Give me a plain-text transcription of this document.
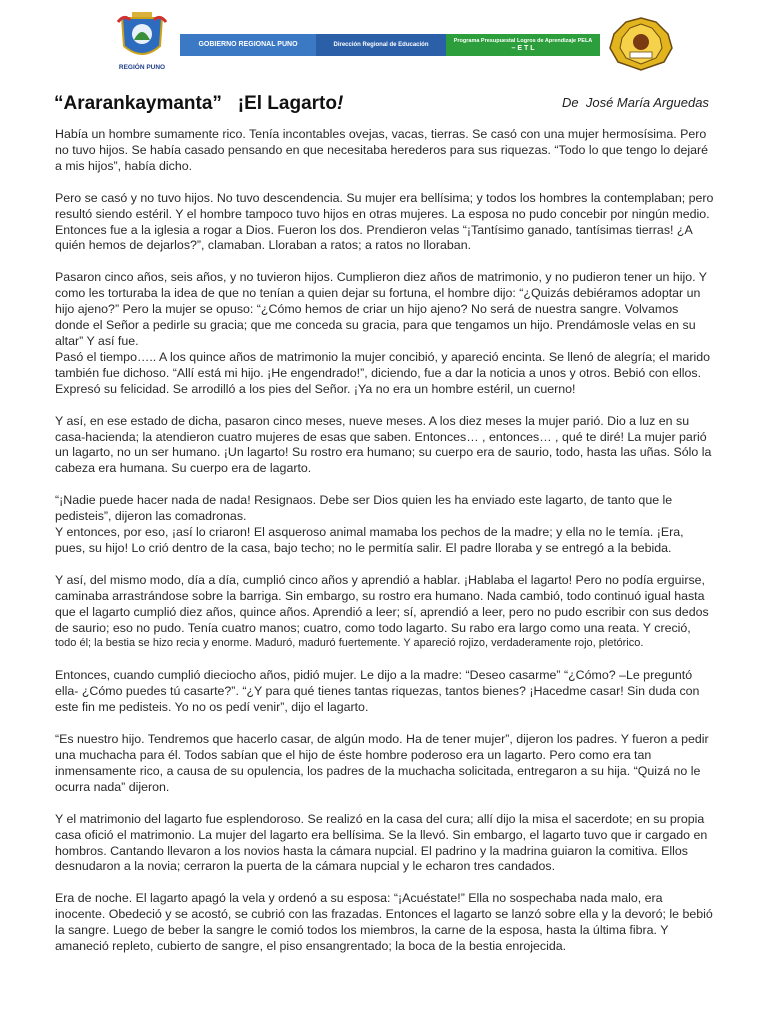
REGIÓN PUNO
GOBIERNO REGIONAL PUNO	Dirección Regional de Educación
Programa Presupuestal Logros de Aprendizaje PELA
– E T L
“Ararankaymanta”   ¡El Lagarto!	De  José María Arguedas

Había un hombre sumamente rico. Tenía incontables ovejas, vacas, tierras. Se casó con una mujer hermosísima. Pero
no tuvo hijos. Se había casado pensando en que necesitaba herederos para sus riquezas. “Todo lo que tengo lo dejaré
a mis hijos”, había dicho.

Pero se casó y no tuvo hijos. No tuvo descendencia. Su mujer era bellísima; y todos los hombres la contemplaban; pero
resultó siendo estéril. Y el hombre tampoco tuvo hijos en otras mujeres. La esposa no pudo concebir por ningún medio.
Entonces fue a la iglesia a rogar a Dios. Fueron los dos. Prendieron velas “¡Tantísimo ganado, tantísimas tierras! ¿A
quién hemos de dejarlos?”, clamaban. Lloraban a ratos; a ratos no lloraban.

Pasaron cinco años, seis años, y no tuvieron hijos. Cumplieron diez años de matrimonio, y no pudieron tener un hijo. Y
como les torturaba la idea de que no tenían a quien dejar su fortuna, el hombre dijo: “¿Quizás debiéramos adoptar un
hijo ajeno?” Pero la mujer se opuso: “¿Cómo hemos de criar un hijo ajeno? No será de nuestra sangre. Volvamos
donde el Señor a pedirle su gracia; que me conceda su gracia, para que tengamos un hijo. Prendámosle velas en su
altar” Y así fue.

Pasó el tiempo….. A los quince años de matrimonio la mujer concibió, y apareció encinta. Se llenó de alegría; el marido
también fue dichoso. “Allí está mi hijo. ¡He engendrado!”, diciendo, fue a dar la noticia a unos y otros. Bebió con ellos.
Expresó su felicidad. Se arrodilló a los pies del Señor. ¡Ya no era un hombre estéril, un cuerno!

Y así, en ese estado de dicha, pasaron cinco meses, nueve meses. A los diez meses la mujer parió. Dio a luz en su
casa-hacienda; la atendieron cuatro mujeres de esas que saben. Entonces… , entonces… , qué te diré! La mujer parió
un lagarto, no un ser humano. ¡Un lagarto! Su rostro era humano; su cuerpo era de saurio, todo, hasta las uñas. Sólo la
cabeza era humana. Su cuerpo era de lagarto.

“¡Nadie puede hacer nada de nada! Resignaos. Debe ser Dios quien les ha enviado este lagarto, de tanto que le
pedisteis”, dijeron las comadronas.

Y entonces, por eso, ¡así lo criaron! El asqueroso animal mamaba los pechos de la madre; y ella no le temía. ¡Era,
pues, su hijo! Lo crió dentro de la casa, bajo techo; no le permitía salir. El padre lloraba y se entregó a la bebida.

Y así, del mismo modo, día a día, cumplió cinco años y aprendió a hablar. ¡Hablaba el lagarto! Pero no podía erguirse,
caminaba arrastrándose sobre la barriga. Sin embargo, su rostro era humano. Nada cambió, todo continuó igual hasta
que el lagarto cumplió diez años, quince años. Aprendió a leer; sí, aprendió a leer, pero no pudo escribir con sus dedos
de saurio; eso no pudo. Tenía cuatro manos; cuatro, como todo lagarto. Su rabo era largo como una reata. Y creció,

todo él; la bestia se hizo recia y enorme. Maduró, maduró fuertemente. Y apareció rojizo, verdaderamente rojo, pletórico.

Entonces, cuando cumplió dieciocho años, pidió mujer. Le dijo a la madre: “Deseo casarme” “¿Cómo? –Le preguntó
ella- ¿Cómo puedes tú casarte?”. “¿Y para qué tienes tantas riquezas, tantos bienes? ¡Hacedme casar! Sin duda con
este fin me pedisteis. Yo no os pedí venir”, dijo el lagarto.

“Es nuestro hijo. Tendremos que hacerlo casar, de algún modo. Ha de tener mujer”, dijeron los padres. Y fueron a pedir
una muchacha para él. Todos sabían que el hijo de éste hombre poderoso era un lagarto. Pero como era tan
inmensamente rico, a causa de su opulencia, los padres de la muchacha solicitada, entregaron a su hija. “Quizá no le
ocurra nada” dijeron.

Y el matrimonio del lagarto fue esplendoroso. Se realizó en la casa del cura; allí dijo la misa el sacerdote; en su propia
casa ofició el matrimonio. La mujer del lagarto era bellísima. Se la llevó. Sin embargo, el lagarto tuvo que ir cargado en
hombros. Cantando llevaron a los novios hasta la cámara nupcial. El padrino y la madrina guiaron la comitiva. Ellos
desnudaron a la novia; cerraron la puerta de la cámara nupcial y le echaron tres candados.

Era de noche. El lagarto apagó la vela y ordenó a su esposa: “¡Acuéstate!” Ella no sospechaba nada malo, era
inocente. Obedeció y se acostó, se cubrió con las frazadas. Entonces el lagarto se lanzó sobre ella y la devoró; le bebió
la sangre. Luego de beber la sangre le comió todos los miembros, la carne de la esposa, hasta la última fibra. Y
amaneció repleto, cubierto de sangre, el piso ensangrentado; la boca de la bestia enrojecida.
